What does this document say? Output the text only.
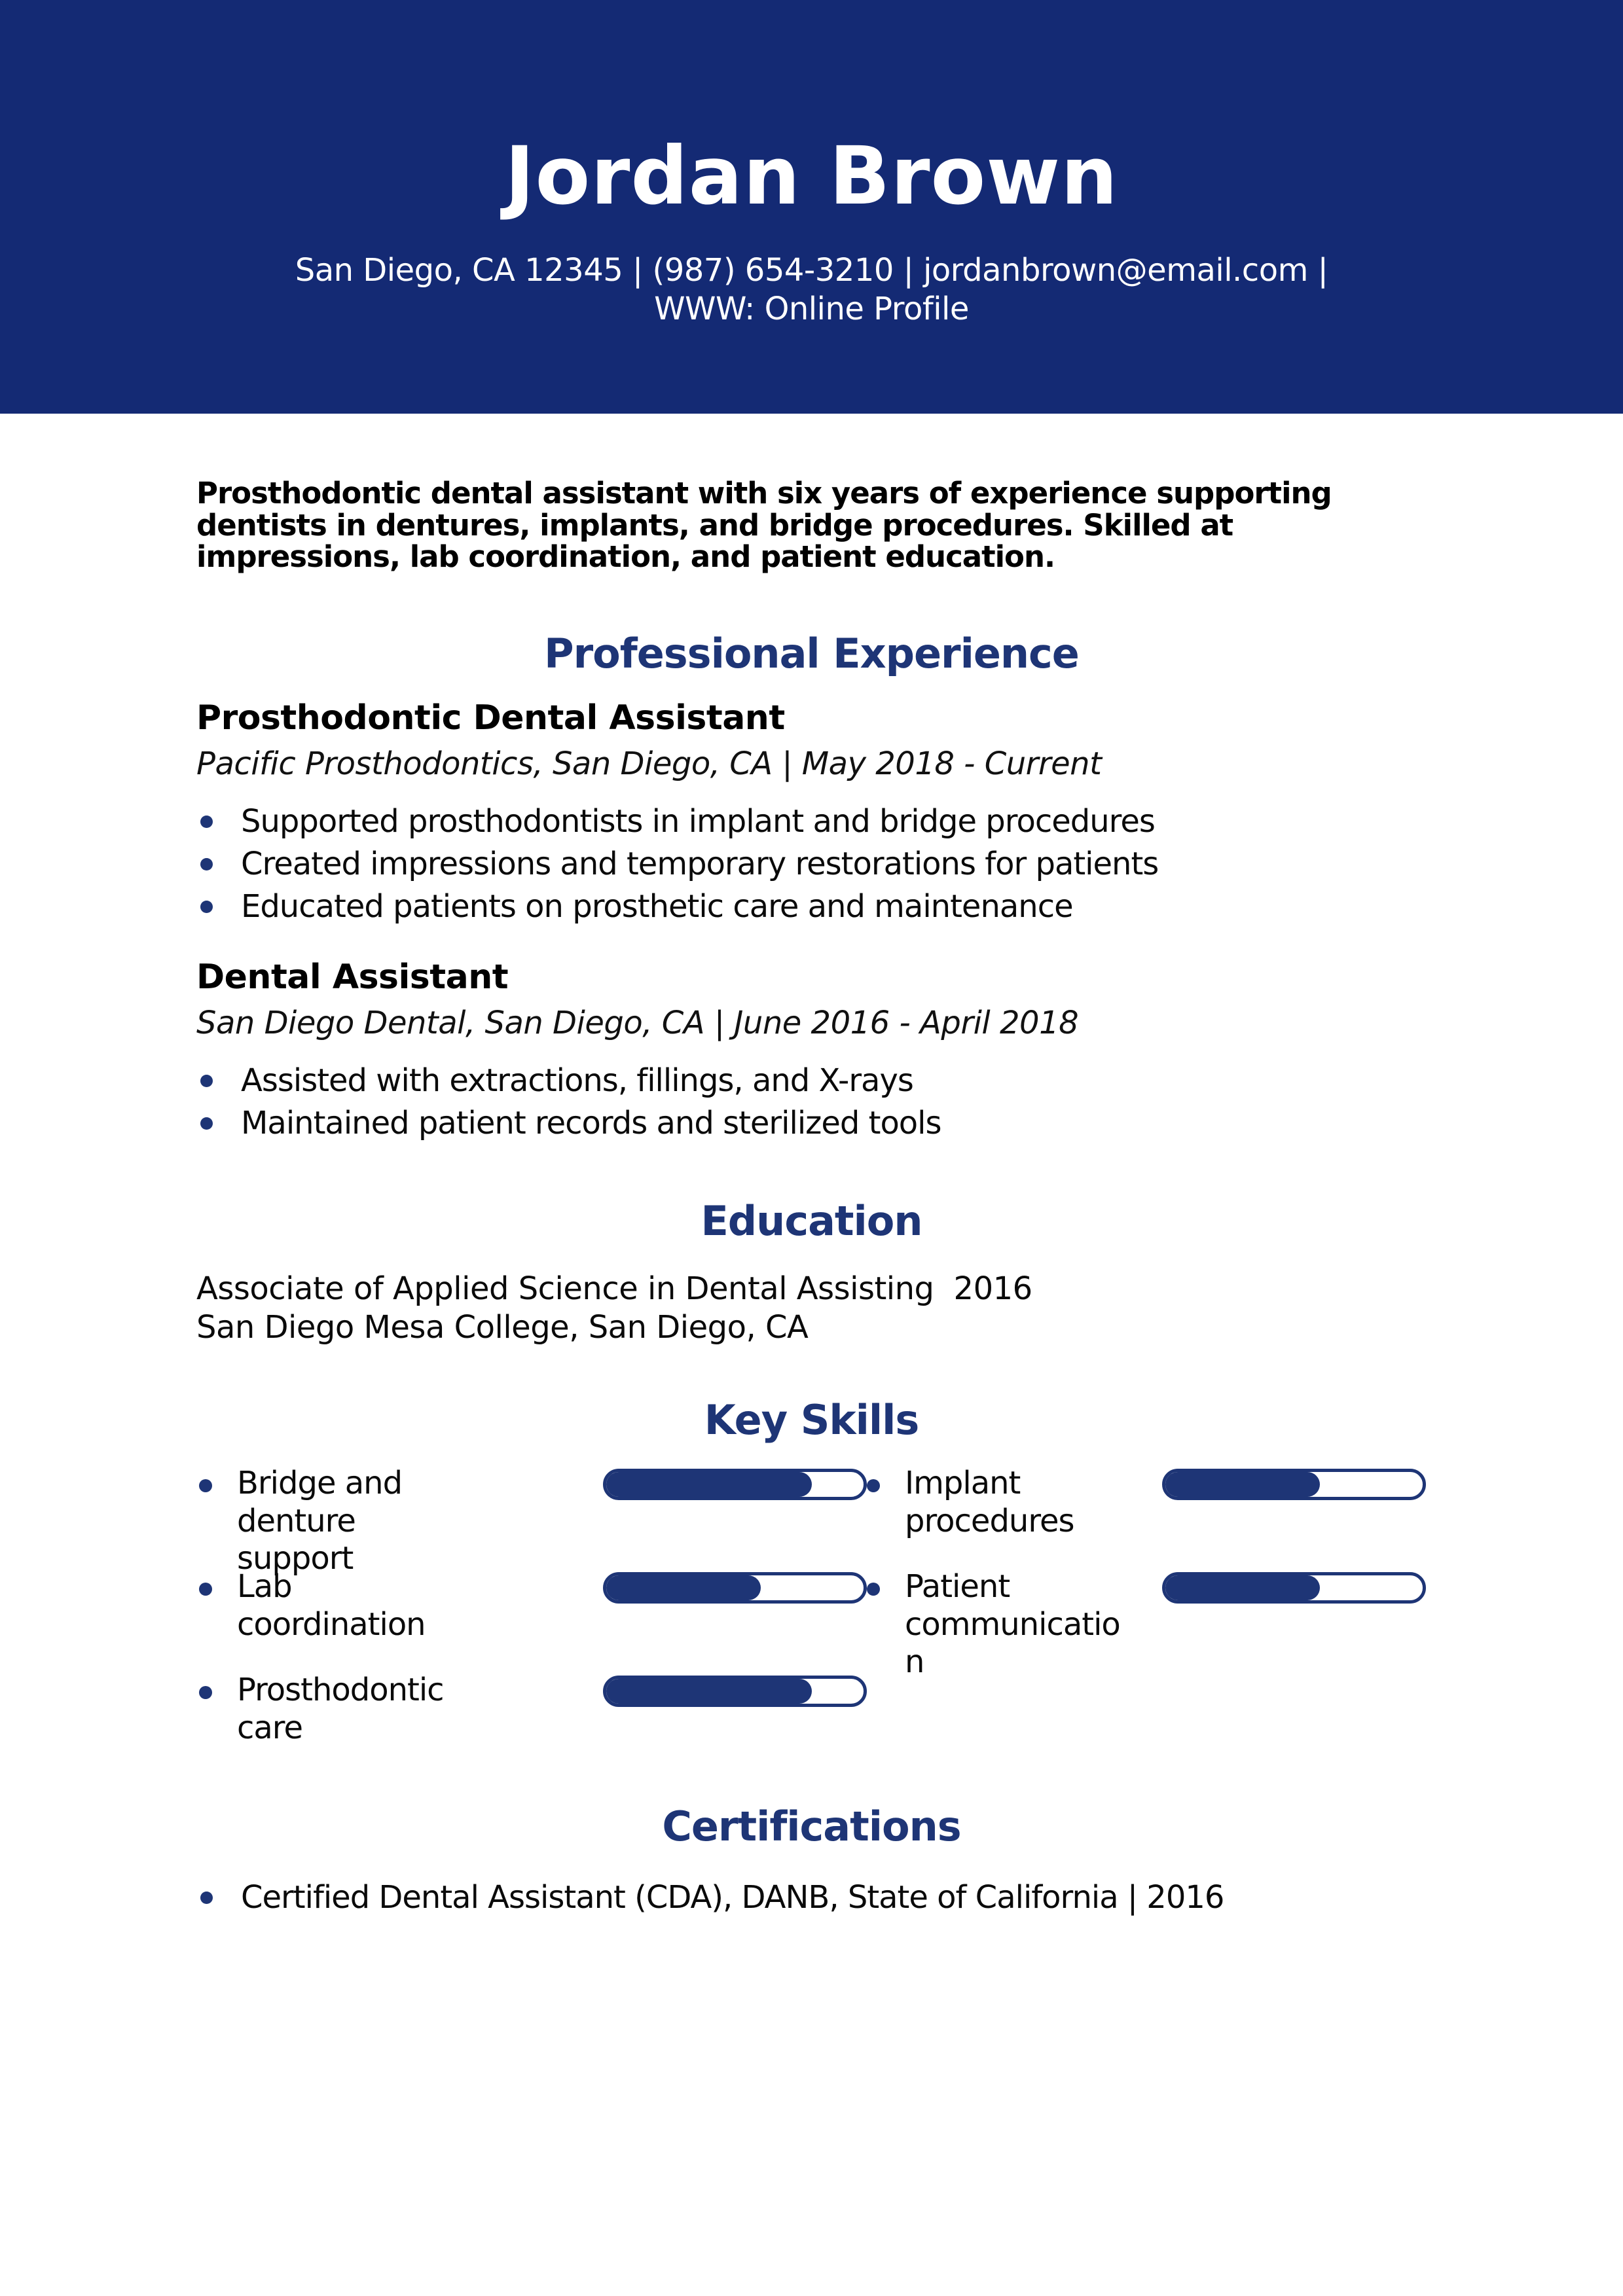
Jordan Brown
San Diego, CA 12345 | (987) 654-3210 | jordanbrown@email.com |
WWW: Online Profile

Prosthodontic dental assistant with six years of experience supporting dentists in dentures, implants, and bridge procedures. Skilled at impressions, lab coordination, and patient education.

Professional Experience
Prosthodontic Dental Assistant
Pacific Prosthodontics, San Diego, CA | May 2018 - Current
Supported prosthodontists in implant and bridge procedures
Created impressions and temporary restorations for patients
Educated patients on prosthetic care and maintenance
Dental Assistant
San Diego Dental, San Diego, CA | June 2016 - April 2018
Assisted with extractions, fillings, and X-rays
Maintained patient records and sterilized tools
Education
Associate of Applied Science in Dental Assisting 2016
San Diego Mesa College, San Diego, CA
Key Skills
Bridge and denture support
Implant procedures
Lab coordination
Patient communication
Prosthodontic care
Certifications
Certified Dental Assistant (CDA), DANB, State of California | 2016
